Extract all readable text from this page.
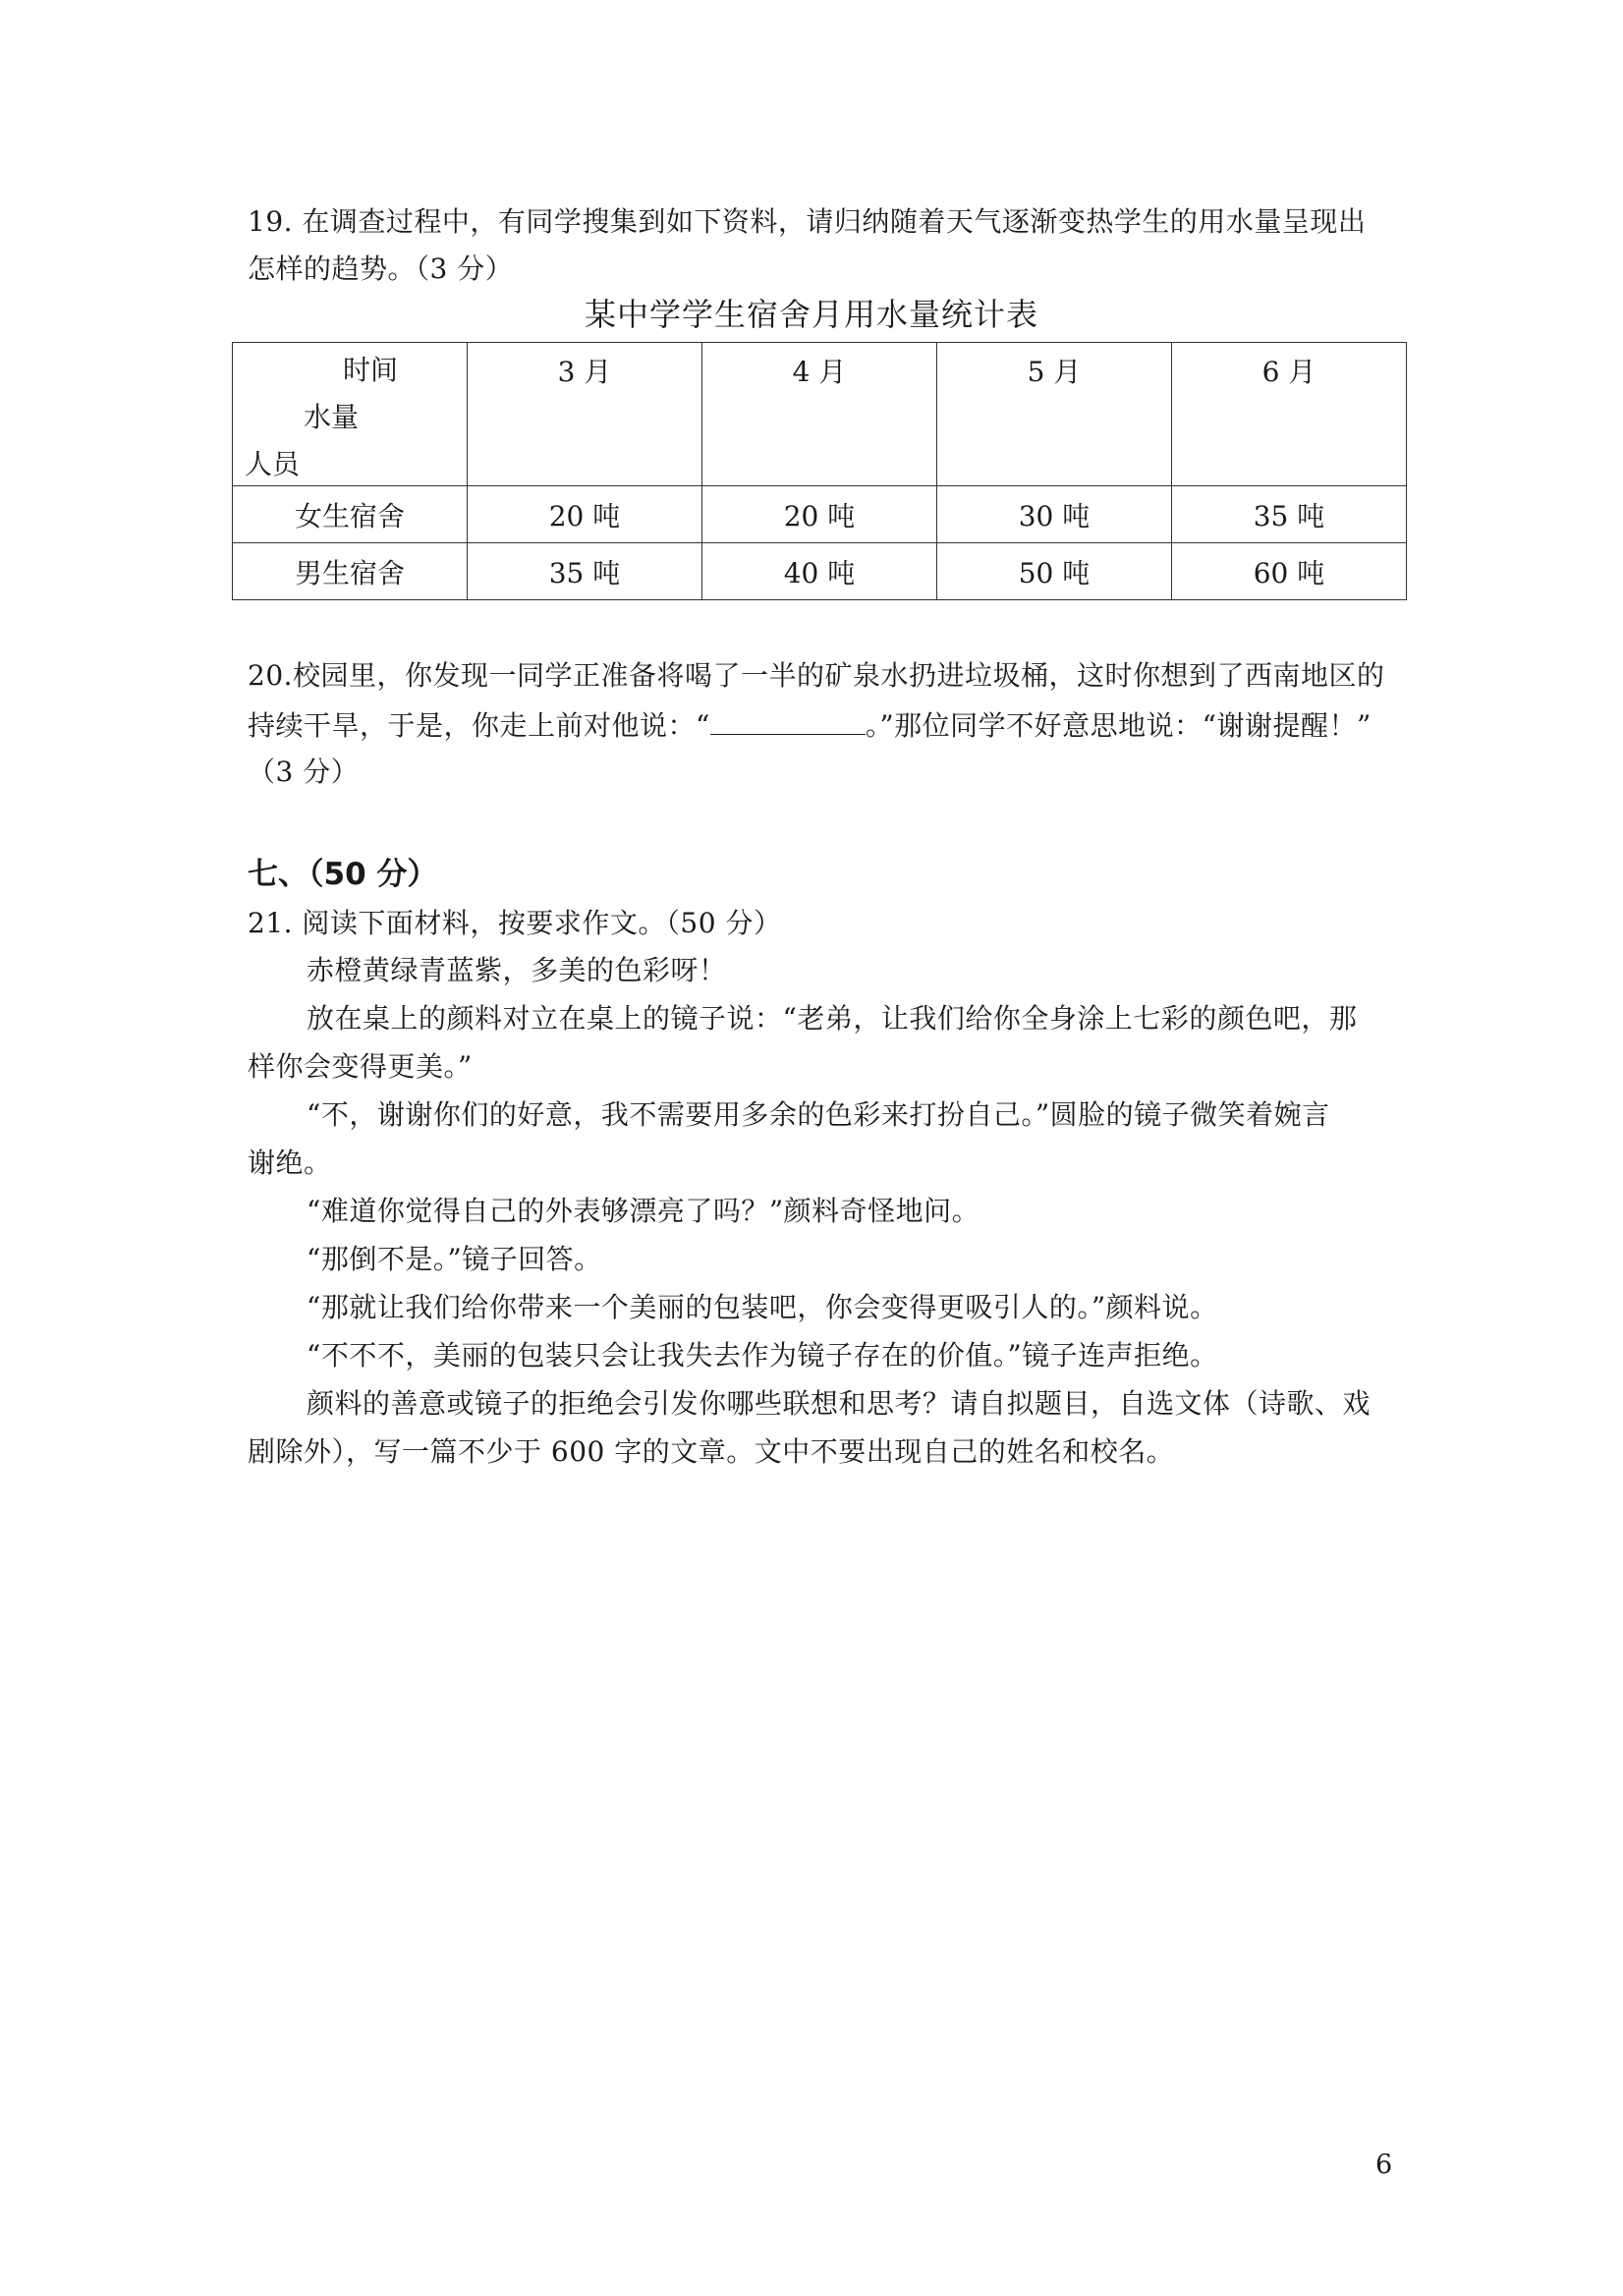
19. 在调查过程中，有同学搜集到如下资料，请归纳随着天气逐渐变热学生的用水量呈现出
怎样的趋势。（3 分）
某中学学生宿舍月用水量统计表
时间
水量
人员	3 月	4 月	5 月	6 月

女生宿舍	20 吨	20 吨	30 吨	35 吨
男生宿舍	35 吨	40 吨	50 吨	60 吨
20.校园里，你发现一同学正准备将喝了一半的矿泉水扔进垃圾桶，这时你想到了西南地区的
持续干旱，于是，你走上前对他说：“	。”那位同学不好意思地说：“谢谢提醒！”
（3 分）
七、（50 分）
21. 阅读下面材料，按要求作文。（50 分）
赤橙黄绿青蓝紫，多美的色彩呀！
放在桌上的颜料对立在桌上的镜子说：“老弟，让我们给你全身涂上七彩的颜色吧，那
样你会变得更美。”
“不，谢谢你们的好意，我不需要用多余的色彩来打扮自己。”圆脸的镜子微笑着婉言
谢绝。
“难道你觉得自己的外表够漂亮了吗？”颜料奇怪地问。
“那倒不是。”镜子回答。
“那就让我们给你带来一个美丽的包装吧，你会变得更吸引人的。”颜料说。
“不不不，美丽的包装只会让我失去作为镜子存在的价值。”镜子连声拒绝。
颜料的善意或镜子的拒绝会引发你哪些联想和思考？请自拟题目，自选文体（诗歌、戏
剧除外），写一篇不少于 600 字的文章。文中不要出现自己的姓名和校名。
6
